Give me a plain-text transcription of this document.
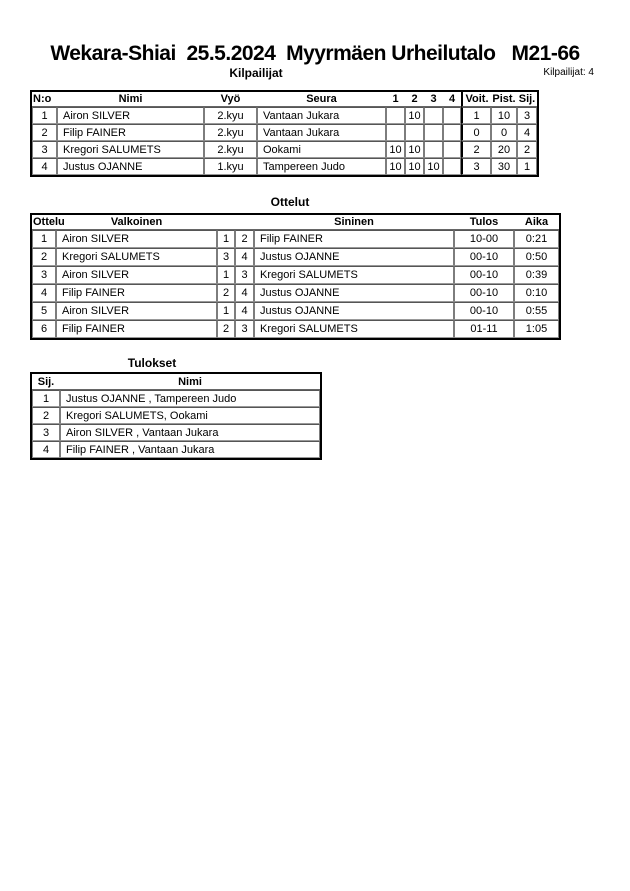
Wekara-Shiai  25.5.2024  Myyrmäen Urheilutalo   M21-66
Kilpailijat	Kilpailijat: 4
N:o	Nimi	Vyö	Seura	1	2	3	4	Voit.	Pist.	Sij.
1	Airon SILVER	2.kyu	Vantaan Jukara		10			1	10	3
2	Filip FAINER	2.kyu	Vantaan Jukara					0	0	4
3	Kregori SALUMETS	2.kyu	Ookami	10	10			2	20	2
4	Justus OJANNE	1.kyu	Tampereen Judo	10	10	10		3	30	1
Ottelut
Ottelu	Valkoinen			Sininen	Tulos	Aika
1	Airon SILVER	1	2	Filip FAINER	10-00	0:21
2	Kregori SALUMETS	3	4	Justus OJANNE	00-10	0:50
3	Airon SILVER	1	3	Kregori SALUMETS	00-10	0:39
4	Filip FAINER	2	4	Justus OJANNE	00-10	0:10
5	Airon SILVER	1	4	Justus OJANNE	00-10	0:55
6	Filip FAINER	2	3	Kregori SALUMETS	01-11	1:05
Tulokset
Sij.	Nimi
1	Justus OJANNE , Tampereen Judo
2	Kregori SALUMETS, Ookami
3	Airon SILVER , Vantaan Jukara
4	Filip FAINER , Vantaan Jukara
